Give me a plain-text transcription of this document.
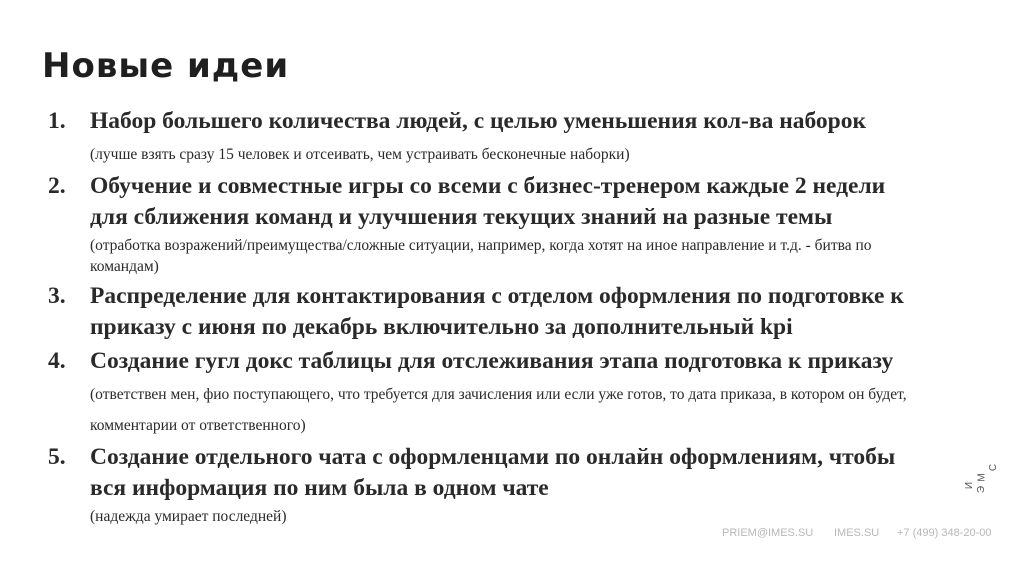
Новые идеи
1.	Набор большего количества людей, с целью уменьшения кол-ва наборок (лучше взять сразу 15 человек и отсеивать, чем устраивать бесконечные наборки)
2.	Обучение и совместные игры со всеми с бизнес-тренером каждые 2 недели для сближения команд и улучшения текущих знаний на разные темы
(отработка возражений/преимущества/сложные ситуации, например, когда хотят на иное направление и т.д. - битва по командам)
3.	Распределение для контактирования с отделом оформления по подготовке к приказу с июня по декабрь включительно за дополнительный kpi
4.	Создание гугл докс таблицы для отслеживания этапа подготовка к приказу (ответствен мен, фио поступающего, что требуется для зачисления или если уже готов, то дата приказа, в котором он будет, комментарии от ответственного)
5.	Создание отдельного чата с оформленцами по онлайн оформлениям, чтобы вся информация по ним была в одном чате
(надежда умирает последней)
И
М
Э
С
PRIEM@IMES.SU IMES.SU +7 (499) 348-20-00
